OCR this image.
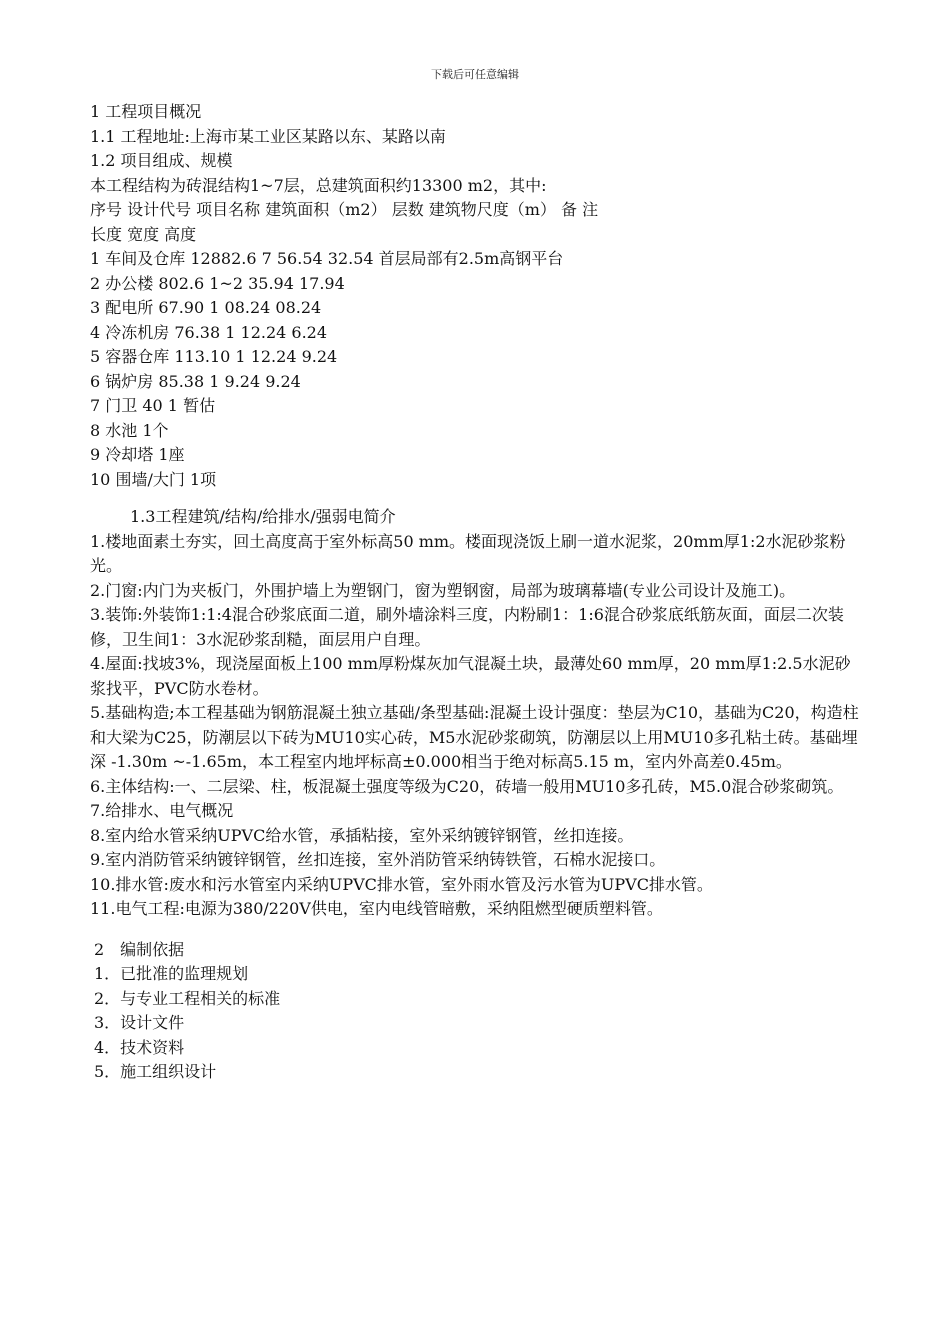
下载后可任意编辑
1 工程项目概况
1.1 工程地址:上海市某工业区某路以东、某路以南
1.2 项目组成、规模
本工程结构为砖混结构1~7层，总建筑面积约13300 m2，其中:
序号 设计代号 项目名称 建筑面积（m2） 层数 建筑物尺度（m） 备 注
长度 宽度 高度
1 车间及仓库 12882.6 7 56.54 32.54 首层局部有2.5m高钢平台
2 办公楼 802.6 1~2 35.94 17.94
3 配电所 67.90 1 08.24 08.24
4 冷冻机房 76.38 1 12.24 6.24
5 容器仓库 113.10 1 12.24 9.24
6 锅炉房 85.38 1 9.24 9.24
7 门卫 40 1 暂估
8 水池 1个
9 冷却塔 1座
10 围墙/大门 1项
1.3工程建筑/结构/给排水/强弱电简介
1.楼地面素土夯实，回土高度高于室外标高50 mm。楼面现浇饭上刷一道水泥浆，20mm厚1:2水泥砂浆粉光。
2.门窗:内门为夹板门，外围护墙上为塑钢门，窗为塑钢窗，局部为玻璃幕墙(专业公司设计及施工)。
3.装饰:外装饰1:1:4混合砂浆底面二道，刷外墙涂料三度，内粉刷1：1:6混合砂浆底纸筋灰面，面层二次装修，卫生间1：3水泥砂浆刮糙，面层用户自理。
4.屋面:找坡3%，现浇屋面板上100 mm厚粉煤灰加气混凝土块，最薄处60 mm厚，20 mm厚1:2.5水泥砂浆找平，PVC防水卷材。
5.基础构造;本工程基础为钢筋混凝土独立基础/条型基础:混凝土设计强度：垫层为C10，基础为C20，构造柱和大梁为C25，防潮层以下砖为MU10实心砖，M5水泥砂浆砌筑，防潮层以上用MU10多孔粘土砖。基础埋深 -1.30m ~-1.65m，本工程室内地坪标高±0.000相当于绝对标高5.15 m，室内外高差0.45m。
6.主体结构:一、二层梁、柱，板混凝土强度等级为C20，砖墙一般用MU10多孔砖，M5.0混合砂浆砌筑。
7.给排水、电气概况
8.室内给水管采纳UPVC给水管，承插粘接，室外采纳镀锌钢管，丝扣连接。
9.室内消防管采纳镀锌钢管，丝扣连接，室外消防管采纳铸铁管，石棉水泥接口。
10.排水管:废水和污水管室内采纳UPVC排水管，室外雨水管及污水管为UPVC排水管。
11.电气工程:电源为380/220V供电，室内电线管暗敷，采纳阻燃型硬质塑料管。
2　编制依据
1．已批准的监理规划
2．与专业工程相关的标准
3．设计文件
4．技术资料
5．施工组织设计
